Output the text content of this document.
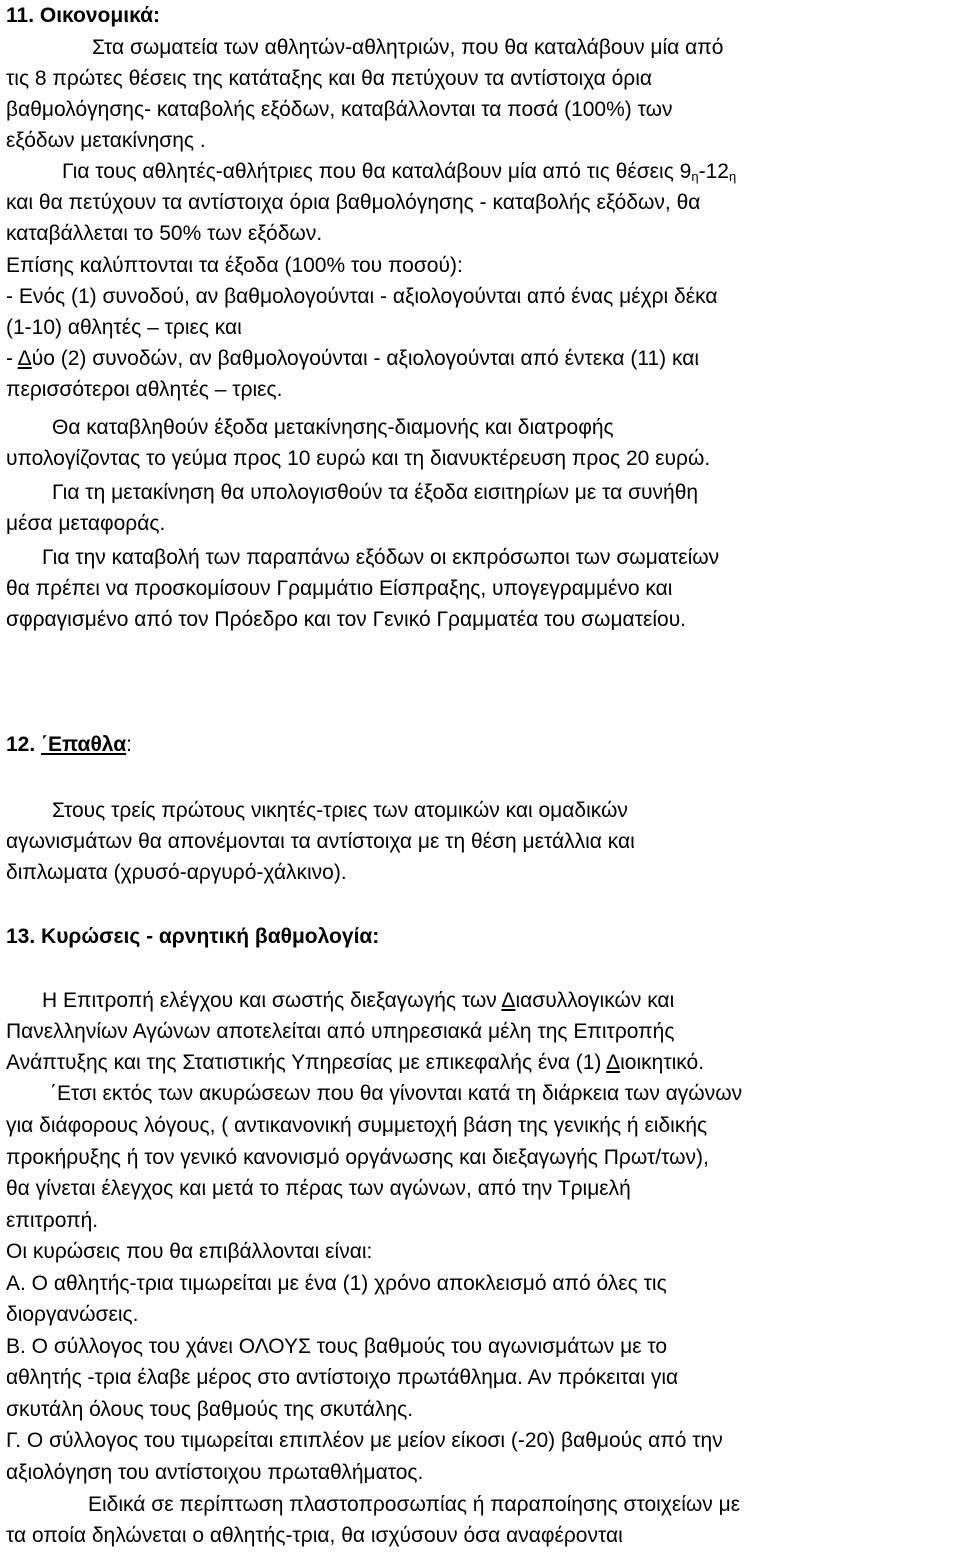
11. Οικονομικά:
Στα σωματεία των αθλητών-αθλητριών, που θα καταλάβουν μία από
τις 8 πρώτες θέσεις της κατάταξης και θα πετύχουν τα αντίστοιχα όρια
βαθμολόγησης- καταβολής εξόδων, καταβάλλονται τα ποσά (100%) των
εξόδων μετακίνησης .
Για τους αθλητές-αθλήτριες που θα καταλάβουν μία από τις θέσεις $9_\eta-12_\eta$
και θα πετύχουν τα αντίστοιχα όρια βαθμολόγησης - καταβολής εξόδων, θα
καταβάλλεται το 50% των εξόδων.
Επίσης καλύπτονται τα έξοδα (100% του ποσού):
- Ενός (1) συνοδού, αν βαθμολογούνται - αξιολογούνται από ένας μέχρι δέκα
(1-10) αθλητές – τριες και
- Δύο (2) συνοδών, αν βαθμολογούνται - αξιολογούνται από έντεκα (11) και
περισσότεροι αθλητές – τριες.
Θα καταβληθούν έξοδα μετακίνησης-διαμονής και διατροφής
υπολογίζοντας το γεύμα προς 10 ευρώ και τη διανυκτέρευση προς 20 ευρώ.
Για τη μετακίνηση θα υπολογισθούν τα έξοδα εισιτηρίων με τα συνήθη
μέσα μεταφοράς.
Για την καταβολή των παραπάνω εξόδων οι εκπρόσωποι των σωματείων
θα πρέπει να προσκομίσουν Γραμμάτιο Είσπραξης, υπογεγραμμένο και
σφραγισμένο από τον Πρόεδρο και τον Γενικό Γραμματέα του σωματείου.
12. ΄Επαθλα:
Στους τρείς πρώτους νικητές-τριες των ατομικών και ομαδικών
αγωνισμάτων θα απονέμονται τα αντίστοιχα με τη θέση μετάλλια και
διπλωματα (χρυσό-αργυρό-χάλκινο).
13. Κυρώσεις - αρνητική βαθμολογία:
Η Επιτροπή ελέγχου και σωστής διεξαγωγής των Διασυλλογικών και
Πανελληνίων Αγώνων αποτελείται από υπηρεσιακά μέλη της Επιτροπής
Ανάπτυξης και της Στατιστικής Υπηρεσίας με επικεφαλής ένα (1) Διοικητικό.
΄Ετσι εκτός των ακυρώσεων που θα γίνονται κατά τη διάρκεια των αγώνων
για διάφορους λόγους, ( αντικανονική συμμετοχή βάση της γενικής ή ειδικής
προκήρυξης ή τον γενικό κανονισμό οργάνωσης και διεξαγωγής Πρωτ/των),
θα γίνεται έλεγχος και μετά το πέρας των αγώνων, από την Τριμελή
επιτροπή.
Οι κυρώσεις που θα επιβάλλονται είναι:
Α. Ο αθλητής-τρια τιμωρείται με ένα (1) χρόνο αποκλεισμό από όλες τις
διοργανώσεις.
Β. Ο σύλλογος του χάνει ΟΛΟΥΣ τους βαθμούς του αγωνισμάτων με το
αθλητής -τρια έλαβε μέρος στο αντίστοιχο πρωτάθλημα. Αν πρόκειται για
σκυτάλη όλους τους βαθμούς της σκυτάλης.
Γ. Ο σύλλογος του τιμωρείται επιπλέον με μείον είκοσι (-20) βαθμούς από την
αξιολόγηση του αντίστοιχου πρωταθλήματος.
Ειδικά σε περίπτωση πλαστοπροσωπίας ή παραποίησης στοιχείων με
τα οποία δηλώνεται ο αθλητής-τρια, θα ισχύσουν όσα αναφέρονται
